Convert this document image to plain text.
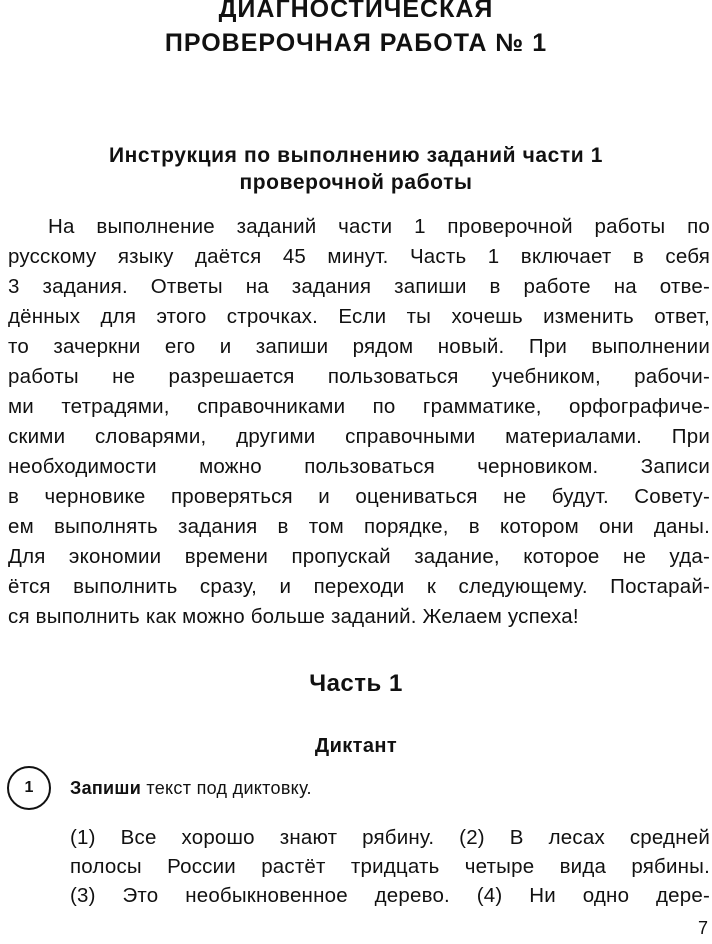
ДИАГНОСТИЧЕСКАЯ
ПРОВЕРОЧНАЯ РАБОТА № 1
Инструкция по выполнению заданий части 1
проверочной работы
На выполнение заданий части 1 проверочной работы по
русскому языку даётся 45 минут. Часть 1 включает в себя
3 задания. Ответы на задания запиши в работе на отве-
дённых для этого строчках. Если ты хочешь изменить ответ,
то зачеркни его и запиши рядом новый. При выполнении
работы не разрешается пользоваться учебником, рабочи-
ми тетрадями, справочниками по грамматике, орфографиче-
скими словарями, другими справочными материалами. При
необходимости можно пользоваться черновиком. Записи
в черновике проверяться и оцениваться не будут. Совету-
ем выполнять задания в том порядке, в котором они даны.
Для экономии времени пропускай задание, которое не уда-
ётся выполнить сразу, и переходи к следующему. Постарай-
ся выполнить как можно больше заданий. Желаем успеха!
Часть 1
Диктант
1	Запиши текст под диктовку.
(1) Все хорошо знают рябину. (2) В лесах средней
полосы России растёт тридцать четыре вида рябины.
(3) Это необыкновенное дерево. (4) Ни одно дере-
7
